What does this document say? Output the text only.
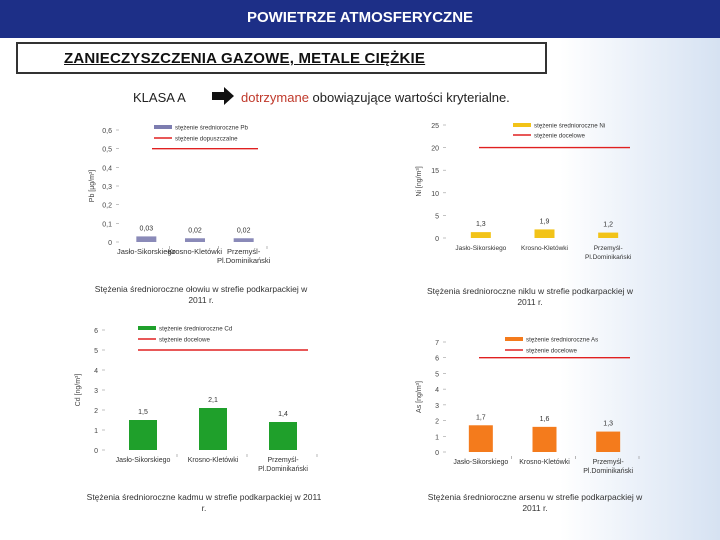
POWIETRZE ATMOSFERYCZNE
ZANIECZYSZCZENIA GAZOWE, METALE CIĘŻKIE
KLASA A	dotrzymane obowiązujące wartości kryterialne.
0
0,1
0,2
0,3
0,4
0,5
0,6
Pb [µg/m³]
stężenie średnioroczne Pb
stężenie dopuszczalne
0,03
Jasło-Sikorskiego
0,02
Krosno-Kletówki
0,02
Przemyśl-
Pl.Dominikański
Stężenia średnioroczne ołowiu w strefie podkarpackiej w 2011 r.
0
5
10
15
20
25
Ni [ng/m³]
stężenie średnioroczne Ni
stężenie docelowe
1,3
Jasło-Sikorskiego
1,9
Krosno-Kletówki
1,2
Przemyśl-
Pl.Dominikański
Stężenia średnioroczne niklu w strefie podkarpackiej w 2011 r.
0
1
2
3
4
5
6
Cd [ng/m³]
stężenie średnioroczne Cd
stężenie docelowe
1,5
Jasło-Sikorskiego
2,1
Krosno-Kletówki
1,4
Przemyśl-
Pl.Dominikański
Stężenia średnioroczne kadmu w strefie podkarpackiej w 2011 r.
0
1
2
3
4
5
6
7
As [ng/m³]
stężenie średnioroczne As
stężenie docelowe
1,7
Jasło-Sikorskiego
1,6
Krosno-Kletówki
1,3
Przemyśl-
Pl.Dominikański
Stężenia średnioroczne arsenu w strefie podkarpackiej w 2011 r.
